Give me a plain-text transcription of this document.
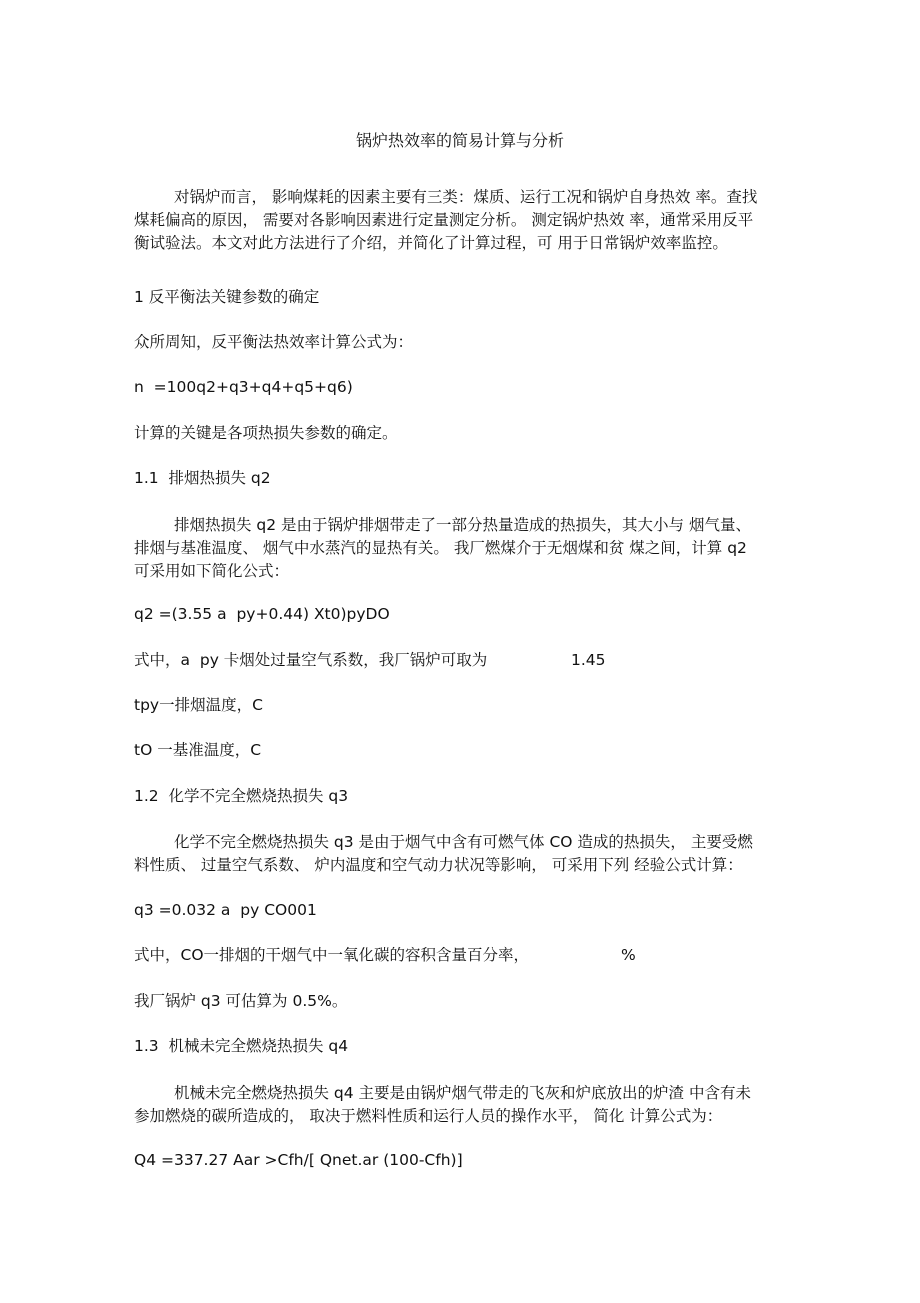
锅炉热效率的简易计算与分析
对锅炉而言， 影响煤耗的因素主要有三类：煤质、运行工况和锅炉自身热效 率。查找
煤耗偏高的原因， 需要对各影响因素进行定量测定分析。 测定锅炉热效 率，通常采用反平
衡试验法。本文对此方法进行了介绍，并简化了计算过程，可 用于日常锅炉效率监控。
1 反平衡法关键参数的确定
众所周知，反平衡法热效率计算公式为：
n  =100q2+q3+q4+q5+q6)
计算的关键是各项热损失参数的确定。
1.1  排烟热损失 q2
排烟热损失 q2 是由于锅炉排烟带走了一部分热量造成的热损失，其大小与 烟气量、
排烟与基准温度、 烟气中水蒸汽的显热有关。 我厂燃煤介于无烟煤和贫 煤之间，计算 q2
可采用如下简化公式：
q2 =(3.55 a  py+0.44) Xt0)pyDO
式中，a  py 卡烟处过量空气系数，我厂锅炉可取为	1.45
tpy一排烟温度，C
tO 一基准温度，C
1.2  化学不完全燃烧热损失 q3
化学不完全燃烧热损失 q3 是由于烟气中含有可燃气体 CO 造成的热损失， 主要受燃
料性质、 过量空气系数、 炉内温度和空气动力状况等影响， 可采用下列 经验公式计算：
q3 =0.032 a  py CO001
式中，CO一排烟的干烟气中一氧化碳的容积含量百分率，	%
我厂锅炉 q3 可估算为 0.5%。
1.3  机械未完全燃烧热损失 q4
机械未完全燃烧热损失 q4 主要是由锅炉烟气带走的飞灰和炉底放出的炉渣 中含有未
参加燃烧的碳所造成的， 取决于燃料性质和运行人员的操作水平， 简化 计算公式为：
Q4 =337.27 Aar >Cfh/[ Qnet.ar (100-Cfh)]
